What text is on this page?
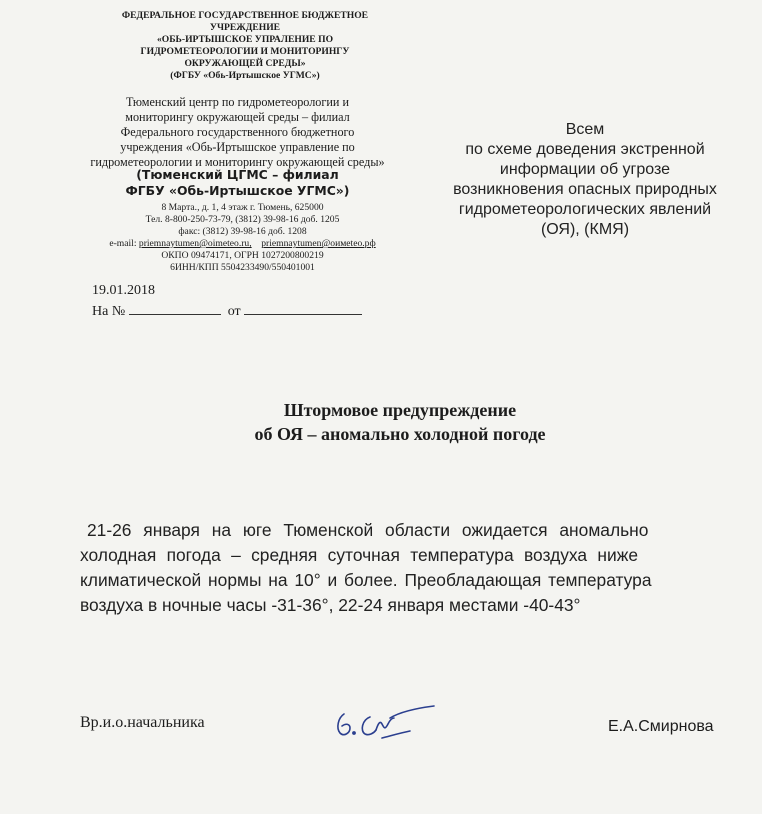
ФЕДЕРАЛЬНОЕ ГОСУДАРСТВЕННОЕ БЮДЖЕТНОЕ
УЧРЕЖДЕНИЕ
«ОБЬ-ИРТЫШСКОЕ УПРАЛЕНИЕ ПО
ГИДРОМЕТЕОРОЛОГИИ И МОНИТОРИНГУ
ОКРУЖАЮЩЕЙ СРЕДЫ»
(ФГБУ «Обь-Иртышское УГМС»)
Тюменский центр по гидрометеорологии и
мониторингу окружающей среды – филиал
Федерального государственного бюджетного
учреждения «Обь-Иртышское управление по
гидрометеорологии и мониторингу окружающей среды»
(Тюменский ЦГМС – филиал
ФГБУ «Обь-Иртышское УГМС»)
8 Марта., д. 1, 4 этаж г. Тюмень, 625000
Тел. 8-800-250-73-79, (3812) 39-98-16 доб. 1205
факс: (3812) 39-98-16 доб. 1208
e-mail: priemnaytumen@oimeteo.ru, priemnaytumen@oимeteo.рф
ОКПО 09474171, ОГРН 1027200800219
6ИНН/КПП 5504233490/550401001
19.01.2018
На №	от
Всем
по схеме доведения экстренной
информации об угрозе
возникновения опасных природных
гидрометеорологических явлений
(ОЯ), (КМЯ)
Штормовое предупреждение
об ОЯ – аномально холодной погоде
21-26 января на юге Тюменской области ожидается аномально
холодная погода – средняя суточная температура воздуха ниже
климатической нормы на 10° и более. Преобладающая температура
воздуха в ночные часы -31-36°, 22-24 января местами -40-43°
Вр.и.о.начальника	Е.А.Смирнова
